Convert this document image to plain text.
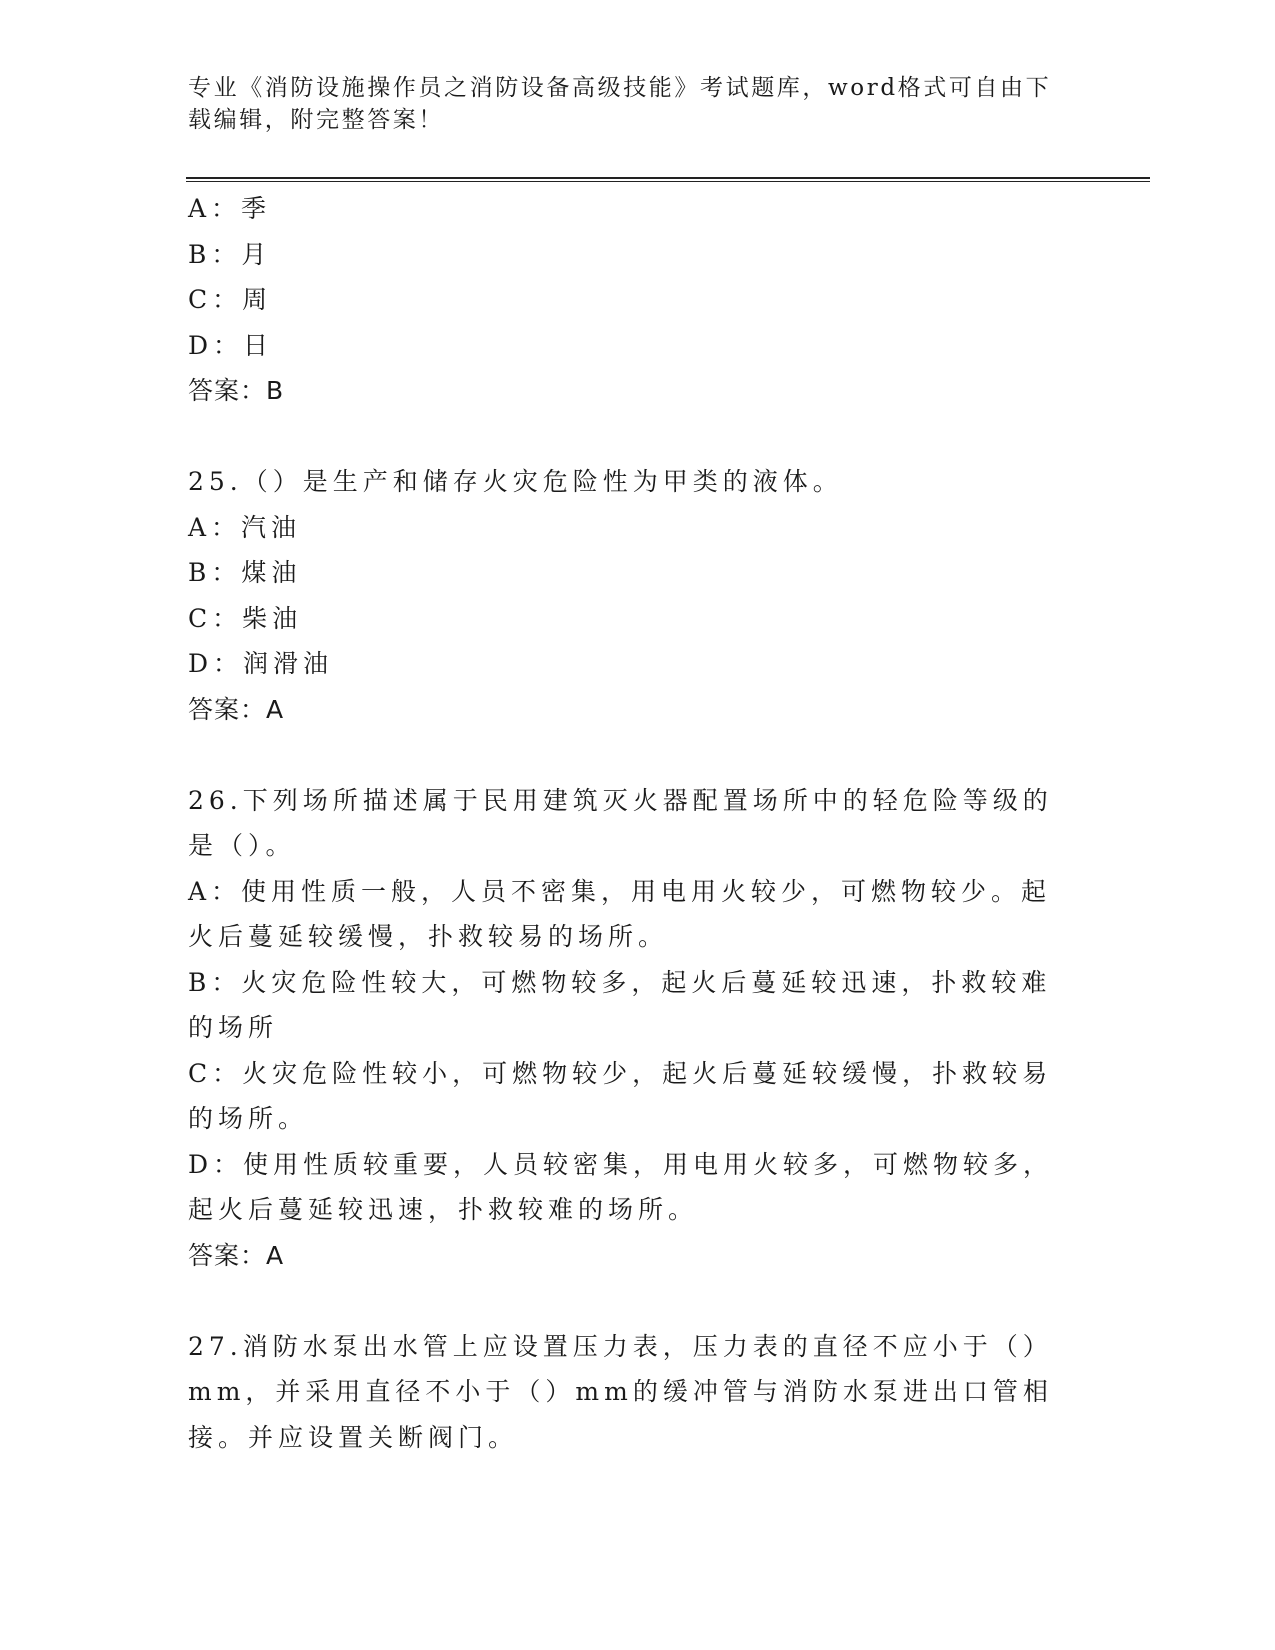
专业《消防设施操作员之消防设备高级技能》考试题库，word格式可自由下载编辑，附完整答案！
A：季
B：月
C：周
D：日
答案：B
25.（）是生产和储存火灾危险性为甲类的液体。
A：汽油
B：煤油
C：柴油
D：润滑油
答案：A
26.下列场所描述属于民用建筑灭火器配置场所中的轻危险等级的是（）。
A：使用性质一般，人员不密集，用电用火较少，可燃物较少。起火后蔓延较缓慢，扑救较易的场所。
B：火灾危险性较大，可燃物较多，起火后蔓延较迅速，扑救较难的场所
C：火灾危险性较小，可燃物较少，起火后蔓延较缓慢，扑救较易的场所。
D：使用性质较重要，人员较密集，用电用火较多，可燃物较多，起火后蔓延较迅速，扑救较难的场所。
答案：A
27.消防水泵出水管上应设置压力表，压力表的直径不应小于（）mm，并采用直径不小于（）mm的缓冲管与消防水泵进出口管相接。并应设置关断阀门。
